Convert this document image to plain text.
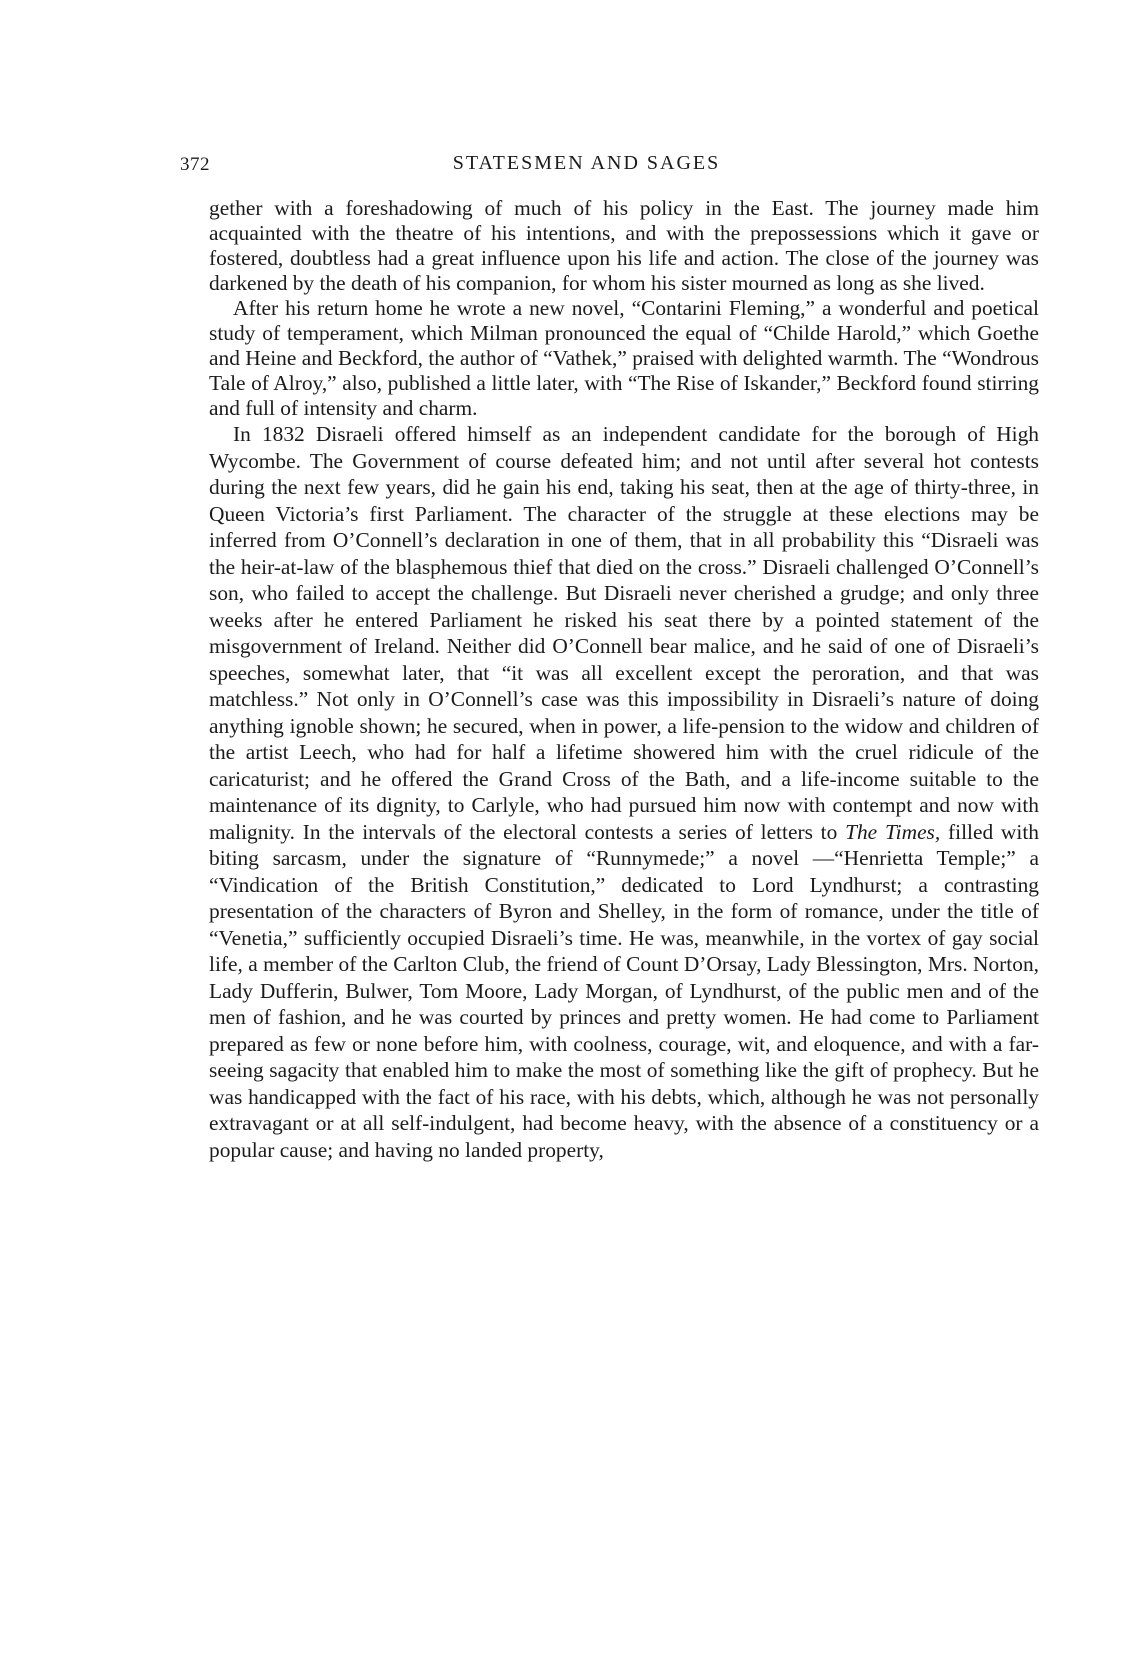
372	STATESMEN AND SAGES

gether with a foreshadowing of much of his policy in the East. The journey made him acquainted with the theatre of his intentions, and with the prepossessions which it gave or fostered, doubtless had a great influence upon his life and action. The close of the journey was darkened by the death of his companion, for whom his sister mourned as long as she lived.

After his return home he wrote a new novel, “Contarini Fleming,” a wonderful and poetical study of temperament, which Milman pronounced the equal of “Childe Harold,” which Goethe and Heine and Beckford, the author of “Vathek,” praised with delighted warmth. The “Wondrous Tale of Alroy,” also, published a little later, with “The Rise of Iskander,” Beckford found stirring and full of intensity and charm.

In 1832 Disraeli offered himself as an independent candidate for the borough of High Wycombe. The Government of course defeated him; and not until after several hot contests during the next few years, did he gain his end, taking his seat, then at the age of thirty-three, in Queen Victoria’s first Parliament. The character of the struggle at these elections may be inferred from O’Connell’s declaration in one of them, that in all probability this “Disraeli was the heir-at-law of the blasphemous thief that died on the cross.” Disraeli challenged O’Connell’s son, who failed to accept the challenge. But Disraeli never cherished a grudge; and only three weeks after he entered Parliament he risked his seat there by a pointed statement of the misgovernment of Ireland. Neither did O’Connell bear malice, and he said of one of Disraeli’s speeches, somewhat later, that “it was all excellent except the peroration, and that was matchless.” Not only in O’Connell’s case was this impossibility in Disraeli’s nature of doing anything ignoble shown; he secured, when in power, a life-pension to the widow and children of the artist Leech, who had for half a lifetime showered him with the cruel ridicule of the caricaturist; and he offered the Grand Cross of the Bath, and a life-income suitable to the maintenance of its dignity, to Carlyle, who had pursued him now with contempt and now with malignity. In the intervals of the electoral contests a series of letters to The Times, filled with biting sarcasm, under the signature of “Runnymede;” a novel —“Henrietta Temple;” a “Vindication of the British Constitution,” dedicated to Lord Lyndhurst; a contrasting presentation of the characters of Byron and Shelley, in the form of romance, under the title of “Venetia,” sufficiently occupied Disraeli’s time. He was, meanwhile, in the vortex of gay social life, a member of the Carlton Club, the friend of Count D’Orsay, Lady Blessington, Mrs. Norton, Lady Dufferin, Bulwer, Tom Moore, Lady Morgan, of Lyndhurst, of the public men and of the men of fashion, and he was courted by princes and pretty women. He had come to Parliament prepared as few or none before him, with coolness, courage, wit, and eloquence, and with a far-seeing sagacity that enabled him to make the most of something like the gift of prophecy. But he was handicapped with the fact of his race, with his debts, which, although he was not personally extravagant or at all self-indulgent, had become heavy, with the absence of a constituency or a popular cause; and having no landed property,
